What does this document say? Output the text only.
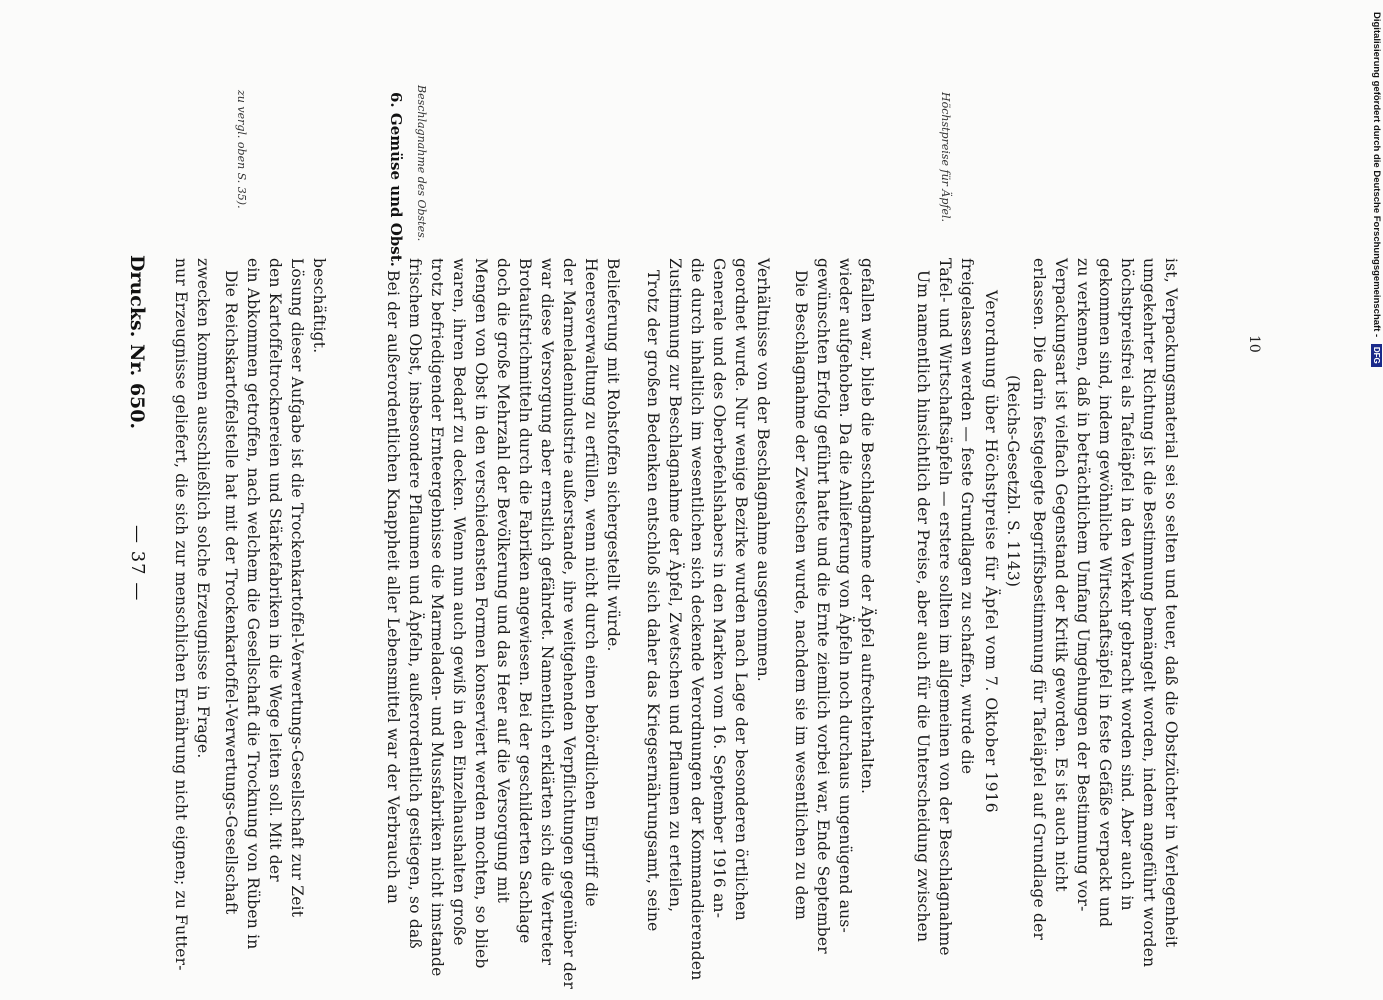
Drucks. Nr. 650.
— 37 — nur Erzeugnisse geliefert, die sich zur menschlichen Ernährung nicht eignen; zu Futter- zwecken kommen ausschließlich solche Erzeugnisse in Frage. Die Reichskartoffelstelle hat mit der Trockenkartoffel-Verwertungs-Gesellschaft ein Abkommen getroffen, nach welchem die Gesellschaft die Trocknung von Rüben in den Kartoffeltrocknereien und Stärkefabriken in die Wege leiten soll. Mit der Lösung dieser Aufgabe ist die Trockenkartoffel-Verwertungs-Gesellschaft zur Zeit beschäftigt.
zu vergl. oben S. 35).	6. Gemüse und Obst. Beschlagnahme des Obstes.
Bei der außerordentlichen Knappheit aller Lebensmittel war der Verbrauch an frischem Obst, insbesondere Pflaumen und Äpfeln, außerordentlich gestiegen, so daß trotz befriedigender Ernteergebnisse die Marmeladen- und Mussfabriken nicht imstande waren, ihren Bedarf zu decken. Wenn nun auch gewiß in den Einzelhaushalten große Mengen von Obst in den verschiedensten Formen konserviert werden mochten, so blieb doch die große Mehrzahl der Bevölkerung und das Heer auf die Versorgung mit Brotaufstrichmitteln durch die Fabriken angewiesen. Bei der geschilderten Sachlage war diese Versorgung aber ernstlich gefährdet. Namentlich erklärten sich die Vertreter der Marmeladenindustrie außerstande, ihre weitgehenden Verpflichtungen gegenüber der Heeresverwaltung zu erfüllen, wenn nicht durch einen behördlichen Eingriff die Belieferung mit Rohstoffen sichergestellt würde. Trotz der großen Bedenken entschloß sich daher das Kriegsernährungsamt, seine Zustimmung zur Beschlagnahme der Äpfel, Zwetschen und Pflaumen zu erteilen, die durch inhaltlich im wesentlichen sich deckende Verordnungen der Kommandierenden Generale und des Oberbefehlshabers in den Marken vom 16. September 1916 an- geordnet wurde. Nur wenige Bezirke wurden nach Lage der besonderen örtlichen Verhältnisse von der Beschlagnahme ausgenommen. Die Beschlagnahme der Zwetschen wurde, nachdem sie im wesentlichen zu dem gewünschten Erfolg geführt hatte und die Ernte ziemlich vorbei war, Ende September wieder aufgehoben. Da die Anlieferung von Äpfeln noch durchaus ungenügend aus- gefallen war, blieb die Beschlagnahme der Äpfel aufrechterhalten.
Höchstpreise für Äpfel.
Um namentlich hinsichtlich der Preise, aber auch für die Unterscheidung zwischen Tafel- und Wirtschaftsäpfeln — erstere sollten im allgemeinen von der Beschlagnahme freigelassen werden — feste Grundlagen zu schaffen, wurde die Verordnung über Höchstpreise für Äpfel vom 7. Oktober 1916 (Reichs-Gesetzbl. S. 1143) erlassen. Die darin festgelegte Begriffsbestimmung für Tafeläpfel auf Grundlage der Verpackungsart ist vielfach Gegenstand der Kritik geworden. Es ist auch nicht zu verkennen, daß in beträchtlichem Umfang Umgehungen der Bestimmung vor- gekommen sind, indem gewöhnliche Wirtschaftsäpfel in feste Gefäße verpackt und höchstpreisfrei als Tafeläpfel in den Verkehr gebracht worden sind. Aber auch in umgekehrter Richtung ist die Bestimmung bemängelt worden, indem angeführt worden ist, Verpackungsmaterial sei so selten und teuer, daß die Obstzüchter in Verlegenheit	10
Digitalisierung gefördert durch die Deutsche Forschungsgemeinschaft - DFG
